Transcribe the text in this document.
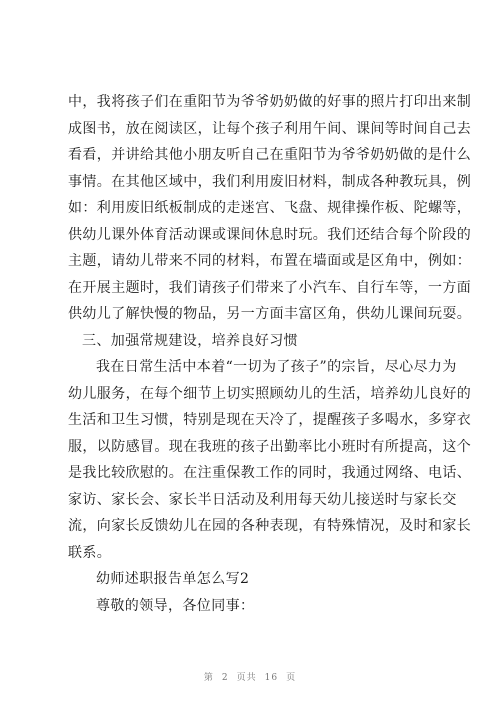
中，我将孩子们在重阳节为爷爷奶奶做的好事的照片打印出来制
成图书，放在阅读区，让每个孩子利用午间、课间等时间自己去
看看，并讲给其他小朋友听自己在重阳节为爷爷奶奶做的是什么
事情。在其他区域中，我们利用废旧材料，制成各种教玩具，例
如：利用废旧纸板制成的走迷宫、飞盘、规律操作板、陀螺等，
供幼儿课外体育活动课或课间休息时玩。我们还结合每个阶段的
主题，请幼儿带来不同的材料，布置在墙面或是区角中，例如：
在开展主题时，我们请孩子们带来了小汽车、自行车等，一方面
供幼儿了解快慢的物品，另一方面丰富区角，供幼儿课间玩耍。
三、加强常规建设，培养良好习惯
我在日常生活中本着“一切为了孩子”的宗旨，尽心尽力为
幼儿服务，在每个细节上切实照顾幼儿的生活，培养幼儿良好的
生活和卫生习惯，特别是现在天冷了，提醒孩子多喝水，多穿衣
服，以防感冒。现在我班的孩子出勤率比小班时有所提高，这个
是我比较欣慰的。在注重保教工作的同时，我通过网络、电话、
家访、家长会、家长半日活动及利用每天幼儿接送时与家长交
流，向家长反馈幼儿在园的各种表现，有特殊情况，及时和家长
联系。
幼师述职报告单怎么写2
尊敬的领导，各位同事：
第 2 页共 16 页
